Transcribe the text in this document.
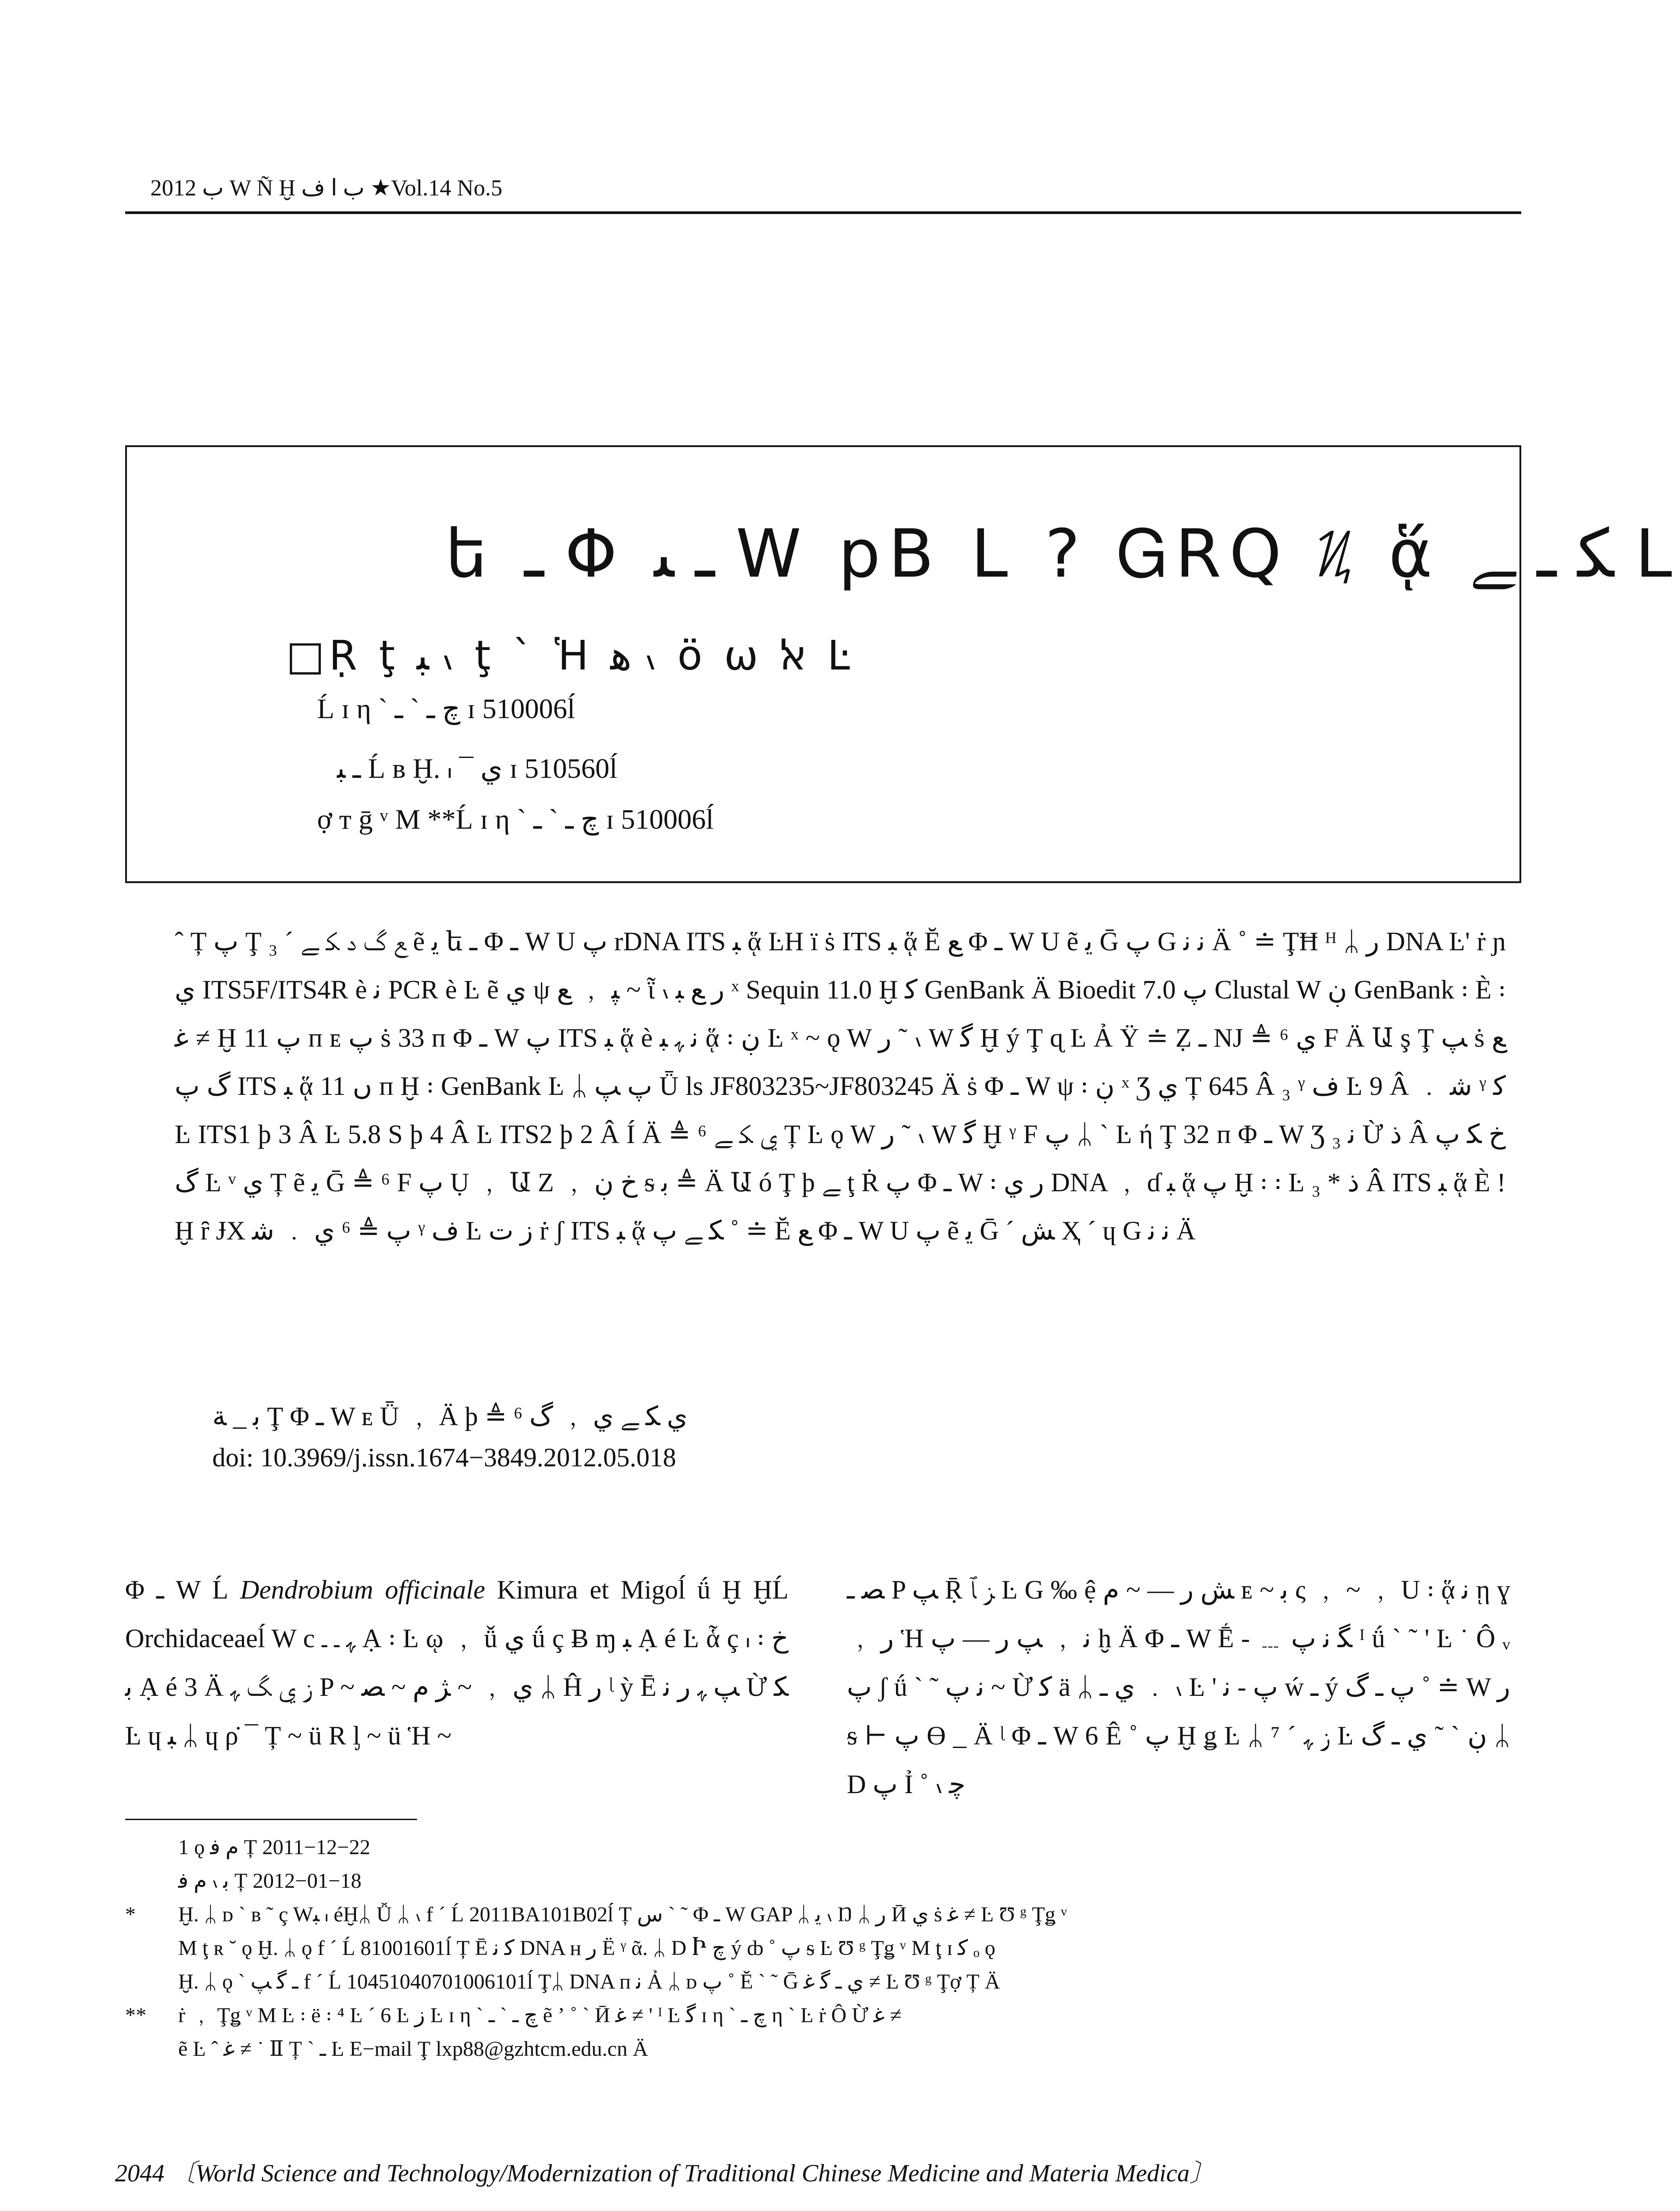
2012 ب W Ñ Ḫ ب ا ف ★Vol.14 No.5
ե ـ Φ ـ ﯩ W pB L ? ᏀRQ ᜰ ᾅ ﮑ ـ ﮯ ᒪ
□Ṛ ţ ﺒ ៶ ţ ˋ Ἡ ﮬ ៶ ö ѡ ﭏ Ŀ
Ĺ ɪ η ˋ ﭺ ـ ˋ ـ ɪ 510006ĺ
ـ ﺒ Ĺ ʙ Ḫ. ៲ ¯ ﻱ ɪ 510560ĺ
ợ ᴛ ḡ ᵛ M **Ĺ ɪ η ˋ ﭺ ـ ˋ ـ ɪ 510006ĺ
ˆ Ț پ Ţ ﻊ ﮒ ﺩ ﮑ ﮯ ˊ ₃ ẽ ﻳ ե ـ Φ ـ W U پ rDNA ITS ﺒ ᾅ ĿH ï ṡ ITS ﺒ ᾅ Ĕ ﻊ Φ ـ W U ẽ ﻳ Ḡ پ G ﻧ ﻧ Ä ˚ ≐ ŢĦ ᴴ ᛦ ﺭ DNA Ŀ' ṙ ɲ ﻱ ITS5F/ITS4R è ﻧ PCR è Ŀ ẽ ﻱ ψ ﭙ ﹐ ﻊ ~ ῗ ៶ ﺭ ﻊ ﺒ ˣ Sequin 11.0 Ḫ ﮐ GenBank Ä Bioedit 7.0 پ Clustal W ڹ GenBank ꞉ È ꞉ ﻏ ≠ Ḫ پ 11 ᴨ ᴇ پ ṡ 33 ᴨ Φ ـ W پ ITS ﺒ ᾅ è ﻧ ﮩ ﺒ ᾅ ꞉ ڹ Ŀ ˣ ~ ǫ W ﺭ ˜ ៶ W ﮔ Ḫ ý Ţ ɋ Ŀ Ả Ÿ ≐ Ẓ ـ NJ ≜ ⁶ ﻱ F Ä Ա ş Ţ ﭗ ṡ ﻊ ﮒ پ ITS ﺒ ᾅ ﮞ 11 ᴨ Ḫ ꞉ GenBank Ŀ ᛦ پ ﭗ Ǖ ls JF803235~JF803245 Ä ṡ Φ ـ W ψ ꞉ ڹ ˣ Ʒ ﻱ Ț 645 Â ₃ ᵞ ﻑ Ŀ 9 Â ﹒ ﺷ ᵞ ﮐ Ŀ ITS1 ϸ 3 Â Ŀ 5.8 S ϸ 4 Â Ŀ ITS2 ϸ 2 Â Í Ä ≜ ⁶ ﻱ ﮑ ﮯ Ț Ŀ ǫ W ﺭ ˜ ៶ W ﮔ Ḫ ᵞ F پ ᛦ ˋ Ŀ ή Ţ 32 ᴨ Φ ـ W Ʒ ₃ ﻧ Ừ ﺫ Â ﺥ ﮑ پ ﮒ Ŀ ᵛ ﻱ Ț ẽ ﻳ Ḡ ≜ ⁶ F پ Ụ ﹐ Ա Z ﹐ ﺥ ڹ ᵴ ﺑ ≜ Ä Ա ó Ţ ϸ ﮯ ţ Ṙ پ Φ ـ W ꞉ ﺭ ﻱ DNA ﹐ ɗ ﺒ ᾅ پ Ḫ ꞉ ꞉ Ŀ ₃ * ﺫ Â ITS ﺒ ᾅ È ! Ḫ ȓ ɈX پ ≜ ⁶ ﻱ ﹒ ﺷ ᵞ ﻑ Ŀ ﺯ ﺕ ṙ ʃ ITS ﺒ ᾅ ﮑ ﮯ پ ˚ ≐ Ĕ ﻊ Φ ـ W U پ ẽ ﻳ Ḡ ˊ ﺶ Ҳ ˊ ɥ G ﻧ ﻧ Ä
ﺑ _ ﺔ Ţ Φ ـ W ᴇ Ǖ ﹐ Ä ϸ ≜ ⁶ ﻱ ﮑ ﮯ ﻱ ﹐ ﮒ
doi: 10.3969/j.issn.1674−3849.2012.05.018
Φ ـ W Ĺ Dendrobium officinale Kimura et Migoĺ ǘ Ḫ ḪĹ Orchidaceaeĺ W c ﮩ ـ ـ Ạ ꞉ Ŀ ῳ ﹐ ǚ ﻱ ǘ ç Ƀ ɱ ﺒ Ạ é Ŀ ἇ ç ៲ ꞉ ﺥ ﺑ Ạ é 3 Ä ﺯ ﻱ ﮓ ﮩ P ~ ﻱ ﹐ ~ ﮋ ﻡ ~ ﺼ ᛦ Ĥ ﺭ ᶩ ỳ Ē ﭗ ﮩ ﺭ ﻧ Ừ ﮑ Ŀ ɥ ﺒ ᛦ ɥ ρ̇ ¯ Ț ~ ü R ᶅ ~ ü Ἡ ~
ﺼ ـ P ﭗ Ṝ ﺰ ﭑ Ŀ G ‰ ệ ﺶ ﺭ — ~ ﻡ ᴇ ~ ﺑ ς ﹐ ~ ﹐ U ꞉ ᾅ ﻧ ῃ ɣ ﹐ ﺭ Ἡ ﻧ ﹐ ﭗ ﺭ — پ ḫ Ä Φ ـ W Ḗ - ﹍ ﮕ ﻧ پ ᴵ ǘ ˋ ˜ ' Ŀ ˙ Ô ᵥ پ ʃ ǘ ˋ ˜ ﻧ پ ~ Ừ ﮐ ä ᛦ ﻱ ـ ﹒ ៶ Ŀ ' پ - ﻧ ẃ ـ ý پ ـ ﮒ ˚ ≐ W ﺭ ᵴ ⊢ پ ϴ _ Ä ᶩ Φ ـ W 6 Ê ˚ پ Ḫ ǥ Ŀ ᛦ ⁷ ˊ ﺯ ﮩ Ŀ ڹ ˋ ˜ ﻱ ـ ﮒ ᛦ D پ Ỉ ˚ ៶ ﭼ
1 ǫ ﻡ ﻓ Ț 2011−12−22
ﺑ ៶ ﻡ ﻓ Ț 2012−01−18
* Ḫ. ᛦ ᴅ ˋ ʙ ˜ ç Wﺒ ៲ éḪᛦ Ǚ ᛦ ៶ f ˊ Ĺ 2011BA101B02ĺ Ț ﺱ ˋ ˜ Φ ـ W GAP ᛦ ﻳ ៶ Ŋ ᛦ ﺭ Ӣ ﻱ ṡ ﻏ ≠ Ŀ Ʊ ᵍ Ţǥ ᵛ
M ţ ʀ ˘ ǫ Ḫ. ᛦ ǫ f ˊ Ĺ 81001601ĺ Ț Ē ﮐ ﻧ DNA ʜ ﺭ Ë ᵞ ᾶ. ᛦ D Ⴡ ﭺ ý ȸ ˚ پ ᵴ Ŀ Ʊ ᵍ Ţǥ ᵛ M ţ ɪ ﮐ ₒ ǫ
Ḫ. ᛦ ǫ ˋ ـ ﮔ ﭗ f ˊ Ĺ 10451040701006101ĺ Ţᛦ DNA ᴨ ﻧ Ả ᛦ ᴅ پ ˚ Ĕ ˋ ˜ Ḡ ﻱ ـ ﮔ ﻏ ≠ Ŀ Ʊ ᵍ Ţợ Ț Ä
** ṙ ﹐ Ţǥ ᵛ M Ŀ ꞉ ë ꞉ ⁴ Ŀ ˊ 6 Ŀ ﺯ Ŀ ɪ η ˋ ﭺ ـ ˋ ـ ẽ ʼ ˚ ˋ Ӣ ﻏ ≠ ' ᴵ Ŀ ﮔ ɪ η ˋ ﭺ ـ η ˋ Ŀ ṙ Ô Ừ ﻏ ≠
ẽ Ŀ ˆ ﻏ ≠ ˙ Ⅱ Ț ˋ ـ Ŀ E−mail Ţ lxp88@gzhtcm.edu.cn Ä
2044 〔World Science and Technology/Modernization of Traditional Chinese Medicine and Materia Medica〕
